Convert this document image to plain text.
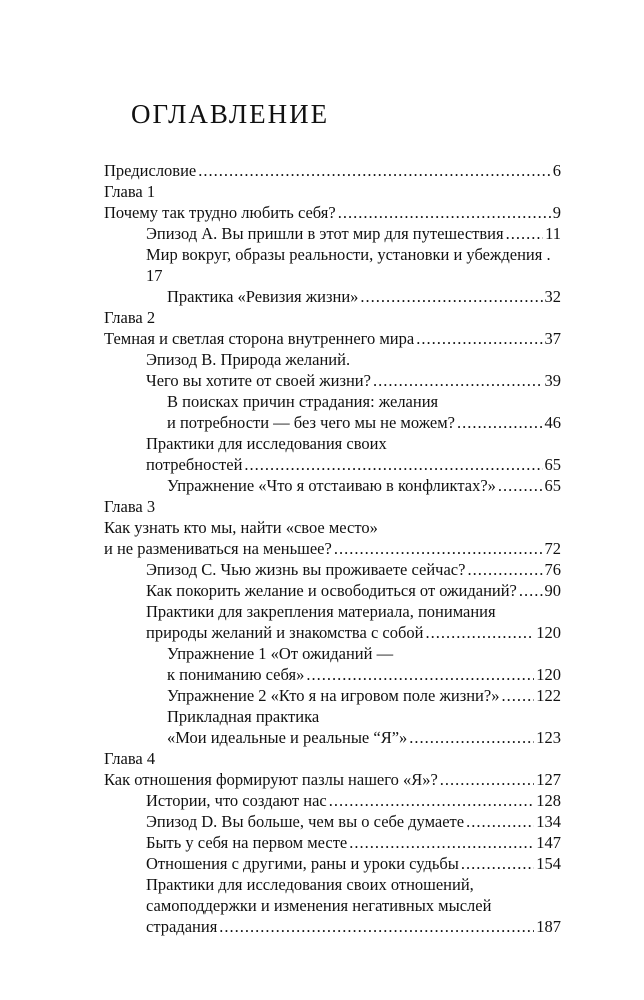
ОГЛАВЛЕНИЕ
Предисловие .....	6
Глава 1
Почему так трудно любить себя? .....	9
Эпизод А. Вы пришли в этот мир для путешествия .....	11
Мир вокруг, образы реальности, установки и убеждения .
17
Практика «Ревизия жизни» .....	32
Глава 2
Темная и светлая сторона внутреннего мира .....	37
Эпизод В. Природа желаний.
Чего вы хотите от своей жизни? .....	39
В поисках причин страдания: желания
и потребности — без чего мы не можем? .....	46
Практики для исследования своих
потребностей .....	65
Упражнение «Что я отстаиваю в конфликтах?» .....	65
Глава 3
Как узнать кто мы, найти «свое место»
и не размениваться на меньшее? .....	72
Эпизод С. Чью жизнь вы проживаете сейчас? .....	76
Как покорить желание и освободиться от ожиданий? ..... 90
Практики для закрепления материала, понимания
природы желаний и знакомства с собой .....	120
Упражнение 1 «От ожиданий —
к пониманию себя» .....	120
Упражнение 2 «Кто я на игровом поле жизни?» ..... 122
Прикладная практика
«Мои идеальные и реальные “Я”» .....	123
Глава 4
Как отношения формируют пазлы нашего «Я»? .....	127
Истории, что создают нас .....	128
Эпизод D. Вы больше, чем вы о себе думаете .....	134
Быть у себя на первом месте .....	147
Отношения с другими, раны и уроки судьбы .....	154
Практики для исследования своих отношений,
самоподдержки и изменения негативных мыслей
страдания .....	187
